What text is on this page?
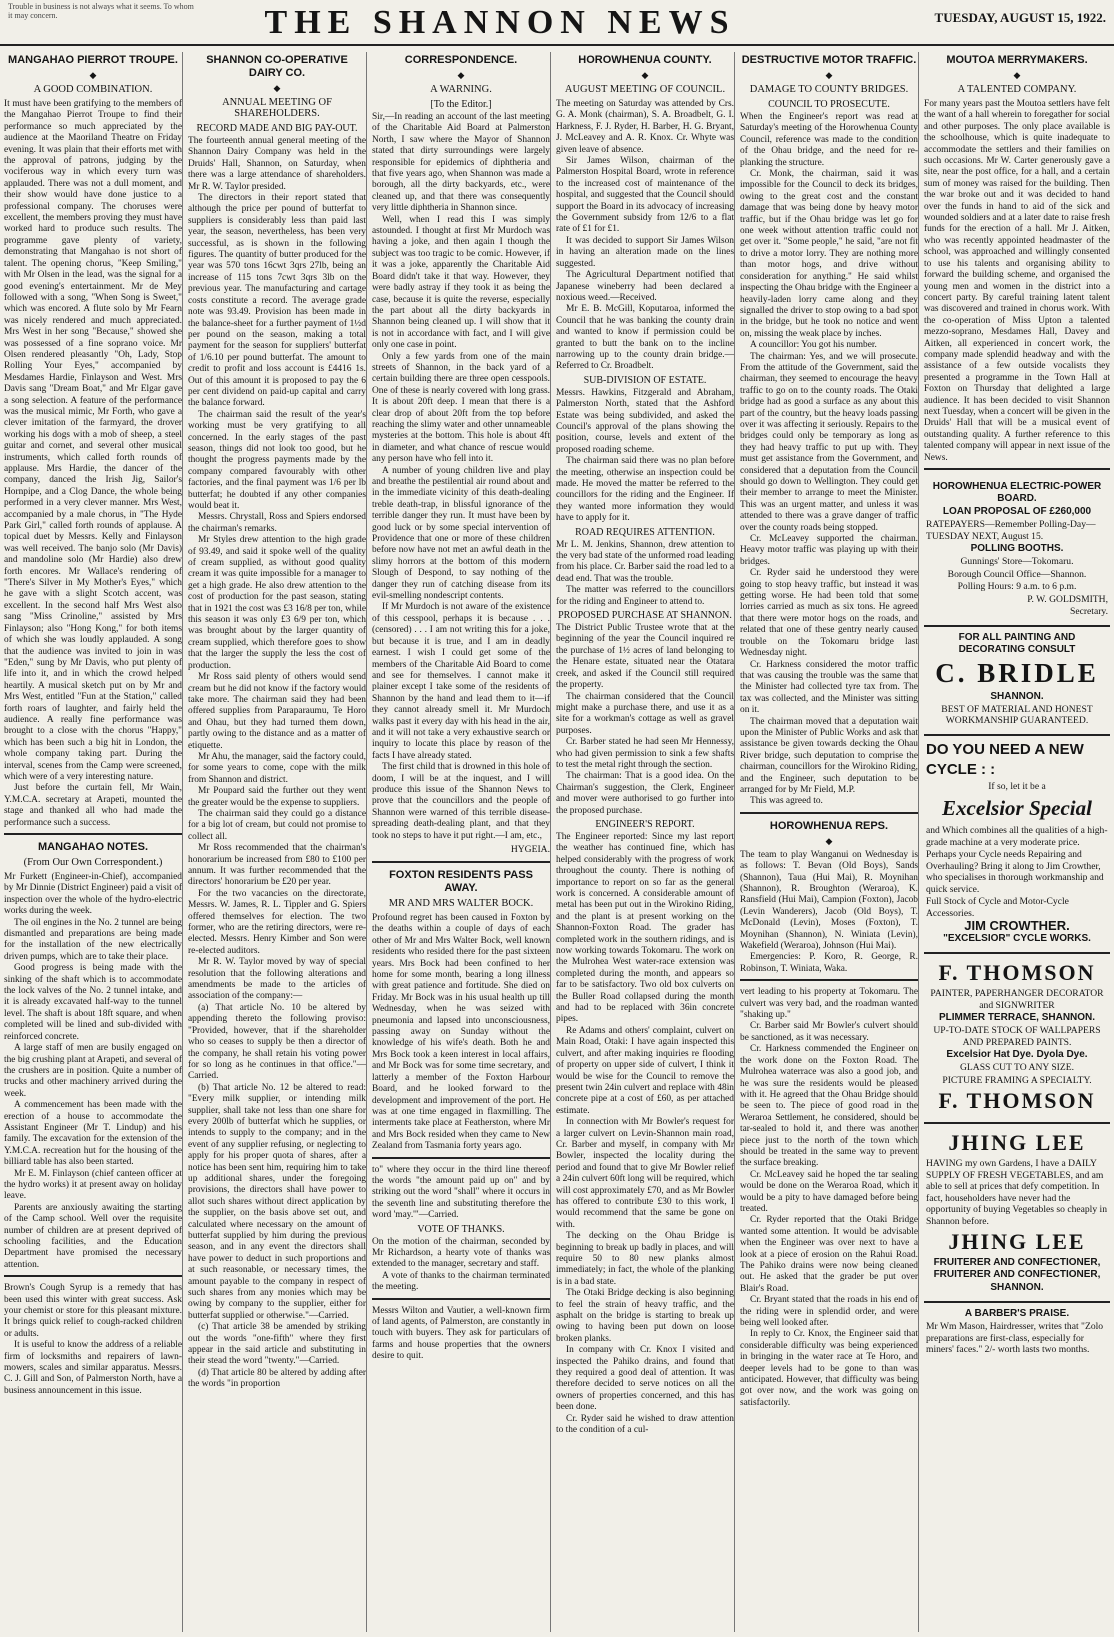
Trouble in business is not always what it seems. To whom it may concern.	THE SHANNON NEWS	TUESDAY, AUGUST 15, 1922.
MANGAHAO PIERROT TROUPE.
◆
A GOOD COMBINATION.

It must have been gratifying to the members of the Mangahao Pierrot Troupe to find their performance so much appreciated by the audience at the Maoriland Theatre on Friday evening. It was plain that their efforts met with the approval of patrons, judging by the vociferous way in which every turn was applauded. There was not a dull moment, and their show would have done justice to a professional company. The choruses were excellent, the members proving they must have worked hard to produce such results. The programme gave plenty of variety, demonstrating that Mangahao is not short of talent. The opening chorus, "Keep Smiling," with Mr Olsen in the lead, was the signal for a good evening's entertainment. Mr de Mey followed with a song, "When Song is Sweet," which was encored. A flute solo by Mr Fearn was nicely rendered and much appreciated. Mrs West in her song "Because," showed she was possessed of a fine soprano voice. Mr Olsen rendered pleasantly "Oh, Lady, Stop Rolling Your Eyes," accompanied by Mesdames Hardie, Finlayson and West. Mrs Davis sang "Dream Boat," and Mr Elgar gave a song selection. A feature of the performance was the musical mimic, Mr Forth, who gave a clever imitation of the farmyard, the drover working his dogs with a mob of sheep, a steel guitar and cornet, and several other musical instruments, which called forth rounds of applause. Mrs Hardie, the dancer of the company, danced the Irish Jig, Sailor's Hornpipe, and a Clog Dance, the whole being performed in a very clever manner. Mrs West, accompanied by a male chorus, in "The Hyde Park Girl," called forth rounds of applause. A topical duet by Messrs. Kelly and Finlayson was well received. The banjo solo (Mr Davis) and mandoline solo (Mr Hardie) also drew forth encores. Mr Wallace's rendering of "There's Silver in My Mother's Eyes," which he gave with a slight Scotch accent, was excellent. In the second half Mrs West also sang "Miss Crinoline," assisted by Mrs Finlayson; also "Hong Kong," for both items of which she was loudly applauded. A song that the audience was invited to join in was "Eden," sung by Mr Davis, who put plenty of life into it, and in which the crowd helped heartily. A musical sketch put on by Mr and Mrs West, entitled "Fun at the Station," called forth roars of laughter, and fairly held the audience. A really fine performance was brought to a close with the chorus "Happy," which has been such a big hit in London, the whole company taking part. During the interval, scenes from the Camp were screened, which were of a very interesting nature.

Just before the curtain fell, Mr Wain, Y.M.C.A. secretary at Arapeti, mounted the stage and thanked all who had made the performance such a success.

MANGAHAO NOTES.
(From Our Own Correspondent.)

Mr Furkett (Engineer-in-Chief), accompanied by Mr Dinnie (District Engineer) paid a visit of inspection over the whole of the hydro-electric works during the week.

The oil engines in the No. 2 tunnel are being dismantled and preparations are being made for the installation of the new electrically driven pumps, which are to take their place.

Good progress is being made with the sinking of the shaft which is to accommodate the lock valves of the No. 2 tunnel intake, and it is already excavated half-way to the tunnel level. The shaft is about 18ft square, and when completed will be lined and sub-divided with reinforced concrete.

A large staff of men are busily engaged on the big crushing plant at Arapeti, and several of the crushers are in position. Quite a number of trucks and other machinery arrived during the week.

A commencement has been made with the erection of a house to accommodate the Assistant Engineer (Mr T. Lindup) and his family. The excavation for the extension of the Y.M.C.A. recreation hut for the housing of the billiard table has also been started.

Mr E. M. Finlayson (chief canteen officer at the hydro works) it at present away on holiday leave.

Parents are anxiously awaiting the starting of the Camp school. Well over the requisite number of children are at present deprived of schooling facilities, and the Education Department have promised the necessary attention.

Brown's Cough Syrup is a remedy that has been used this winter with great success. Ask your chemist or store for this pleasant mixture. It brings quick relief to cough-racked children or adults.

It is useful to know the address of a reliable firm of locksmiths and repairers of lawn-mowers, scales and similar apparatus. Messrs. C. J. Gill and Son, of Palmerston North, have a business announcement in this issue.

SHANNON CO-OPERATIVE DAIRY CO.
◆
ANNUAL MEETING OF SHAREHOLDERS.
RECORD MADE AND BIG PAY-OUT.

The fourteenth annual general meeting of the Shannon Dairy Company was held in the Druids' Hall, Shannon, on Saturday, when there was a large attendance of shareholders. Mr R. W. Taylor presided.

The directors in their report stated that although the price per pound of butterfat to suppliers is considerably less than paid last year, the season, nevertheless, has been very successful, as is shown in the following figures. The quantity of butter produced for the year was 570 tons 16cwt 3qrs 27lb, being an increase of 115 tons 7cwt 3qrs 3lb on the previous year. The manufacturing and cartage costs constitute a record. The average grade note was 93.49. Provision has been made in the balance-sheet for a further payment of 1½d per pound on the season, making a total payment for the season for suppliers' butterfat of 1/6.10 per pound butterfat. The amount to credit to profit and loss account is £4416 1s. Out of this amount it is proposed to pay the 6 per cent dividend on paid-up capital and carry the balance forward.

The chairman said the result of the year's working must be very gratifying to all concerned. In the early stages of the past season, things did not look too good, but he thought the progress payments made by the company compared favourably with other factories, and the final payment was 1/6 per lb butterfat; he doubted if any other companies would beat it.

Messrs. Chrystall, Ross and Spiers endorsed the chairman's remarks.

Mr Styles drew attention to the high grade of 93.49, and said it spoke well of the quality of cream supplied, as without good quality cream it was quite impossible for a manager to get a high grade. He also drew attention to the cost of production for the past season, stating that in 1921 the cost was £3 16/8 per ton, while this season it was only £3 6/9 per ton, which was brought about by the larger quantity of cream supplied, which therefore goes to show that the larger the supply the less the cost of production.

Mr Ross said plenty of others would send cream but he did not know if the factory would take more. The chairman said they had been offered supplies from Paraparaumu, Te Horo and Ohau, but they had turned them down, partly owing to the distance and as a matter of etiquette.

Mr Ahu, the manager, said the factory could, for some years to come, cope with the milk from Shannon and district.

Mr Poupard said the further out they went the greater would be the expense to suppliers.

The chairman said they could go a distance for a big lot of cream, but could not promise to collect all.

Mr Ross recommended that the chairman's honorarium be increased from £80 to £100 per annum. It was further recommended that the directors' honorarium be £20 per year.

For the two vacancies on the directorate, Messrs. W. James, R. L. Tippler and G. Spiers offered themselves for election. The two former, who are the retiring directors, were re-elected. Messrs. Henry Kimber and Son were re-elected auditors.

Mr R. W. Taylor moved by way of special resolution that the following alterations and amendments be made to the articles of association of the company:—

(a) That article No. 10 be altered by appending thereto the following proviso: "Provided, however, that if the shareholder who so ceases to supply be then a director of the company, he shall retain his voting power for so long as he continues in that office."—Carried.

(b) That article No. 12 be altered to read: "Every milk supplier, or intending milk supplier, shall take not less than one share for every 200lb of butterfat which he supplies, or intends to supply to the company; and in the event of any supplier refusing, or neglecting to apply for his proper quota of shares, after a notice has been sent him, requiring him to take up additional shares, under the foregoing provisions, the directors shall have power to allot such shares without direct application by the supplier, on the basis above set out, and calculated where necessary on the amount of butterfat supplied by him during the previous season, and in any event the directors shall have power to deduct in such proportions and at such reasonable, or necessary times, the amount payable to the company in respect of such shares from any monies which may be owing by company to the supplier, either for butterfat supplied or otherwise."—Carried.

(c) That article 38 be amended by striking out the words "one-fifth" where they first appear in the said article and substituting in their stead the word "twenty."—Carried.

(d) That article 80 be altered by adding after the words "in proportion

CORRESPONDENCE.
◆
A WARNING.
[To the Editor.]

Sir,—In reading an account of the last meeting of the Charitable Aid Board at Palmerston North, I saw where the Mayor of Shannon stated that dirty surroundings were largely responsible for epidemics of diphtheria and that five years ago, when Shannon was made a borough, all the dirty backyards, etc., were cleaned up, and that there was consequently very little diphtheria in Shannon since.

Well, when I read this I was simply astounded. I thought at first Mr Murdoch was having a joke, and then again I though the subject was too tragic to be comic. However, if it was a joke, apparently the Charitable Aid Board didn't take it that way. However, they were badly astray if they took it as being the case, because it is quite the reverse, especially the part about all the dirty backyards in Shannon being cleaned up. I will show that it is not in accordance with fact, and I will give only one case in point.

Only a few yards from one of the main streets of Shannon, in the back yard of a certain building there are three open cesspools. One of these is nearly covered with long grass. It is about 20ft deep. I mean that there is a clear drop of about 20ft from the top before reaching the slimy water and other unnameable mysteries at the bottom. This hole is about 4ft in diameter, and what chance of rescue would any person have who fell into it.

A number of young children live and play and breathe the pestilential air round about and in the immediate vicinity of this death-dealing treble death-trap, in blissful ignorance of the terrible danger they run. It must have been by good luck or by some special intervention of Providence that one or more of these children before now have not met an awful death in the slimy horrors at the bottom of this modern Slough of Despond, to say nothing of the danger they run of catching disease from its evil-smelling nondescript contents.

If Mr Murdoch is not aware of the existence of this cesspool, perhaps it is because . . . (censored) . . . I am not writing this for a joke, but because it is true, and I am in deadly earnest. I wish I could get some of the members of the Charitable Aid Board to come and see for themselves. I cannot make it plainer except I take some of the residents of Shannon by the hand and lead them to it—if they cannot already smell it. Mr Murdoch walks past it every day with his head in the air, and it will not take a very exhaustive search or inquiry to locate this place by reason of the facts I have already stated.

The first child that is drowned in this hole of doom, I will be at the inquest, and I will produce this issue of the Shannon News to prove that the councillors and the people of Shannon were warned of this terrible disease-spreading death-dealing plant, and that they took no steps to have it put right.—I am, etc.,

HYGEIA.
FOXTON RESIDENTS PASS AWAY.
MR AND MRS WALTER BOCK.

Profound regret has been caused in Foxton by the deaths within a couple of days of each other of Mr and Mrs Walter Bock, well known residents who resided there for the past sixteen years. Mrs Bock had been confined to her home for some month, bearing a long illness with great patience and fortitude. She died on Friday. Mr Bock was in his usual health up till Wednesday, when he was seized with pneumonia and lapsed into unconsciousness, passing away on Sunday without the knowledge of his wife's death. Both he and Mrs Bock took a keen interest in local affairs, and Mr Bock was for some time secretary, and latterly a member of the Foxton Harbour Board, and he looked forward to the development and improvement of the port. He was at one time engaged in flaxmilling. The interments take place at Featherston, where Mr and Mrs Bock resided when they came to New Zealand from Tasmania forty years ago.

to" where they occur in the third line thereof the words "the amount paid up on" and by striking out the word "shall" where it occurs in the seventh line and substituting therefore the word 'may.'"—Carried.

VOTE OF THANKS.

On the motion of the chairman, seconded by Mr Richardson, a hearty vote of thanks was extended to the manager, secretary and staff.

A vote of thanks to the chairman terminated the meeting.

Messrs Wilton and Vautier, a well-known firm of land agents, of Palmerston, are constantly in touch with buyers. They ask for particulars of farms and house properties that the owners desire to quit.

HOROWHENUA COUNTY.
◆
AUGUST MEETING OF COUNCIL.

The meeting on Saturday was attended by Crs. G. A. Monk (chairman), S. A. Broadbelt, G. I. Harkness, F. J. Ryder, H. Barber, H. G. Bryant, J. McLeavey and A. R. Knox. Cr. Whyte was given leave of absence.

Sir James Wilson, chairman of the Palmerston Hospital Board, wrote in reference to the increased cost of maintenance of the hospital, and suggested that the Council should support the Board in its advocacy of increasing the Government subsidy from 12/6 to a flat rate of £1 for £1.

It was decided to support Sir James Wilson in having an alteration made on the lines suggested.

The Agricultural Department notified that Japanese wineberry had been declared a noxious weed.—Received.

Mr E. B. McGill, Koputaroa, informed the Council that he was banking the county drain and wanted to know if permission could be granted to butt the bank on to the incline narrowing up to the county drain bridge.—Referred to Cr. Broadbelt.

SUB-DIVISION OF ESTATE.

Messrs. Hawkins, Fitzgerald and Abraham, Palmerston North, stated that the Ashford Estate was being subdivided, and asked the Council's approval of the plans showing the position, course, levels and extent of the proposed roading scheme.

The chairman said there was no plan before the meeting, otherwise an inspection could be made. He moved the matter be referred to the councillors for the riding and the Engineer. If they wanted more information they would have to apply for it.

ROAD REQUIRES ATTENTION.

Mr L. M. Jenkins, Shannon, drew attention to the very bad state of the unformed road leading from his place. Cr. Barber said the road led to a dead end. That was the trouble.

The matter was referred to the councillors for the riding and Engineer to attend to.

PROPOSED PURCHASE AT SHANNON.

The District Public Trustee wrote that at the beginning of the year the Council inquired re the purchase of 1½ acres of land belonging to the Henare estate, situated near the Otatara creek, and asked if the Council still required the property.

The chairman considered that the Council might make a purchase there, and use it as a site for a workman's cottage as well as gravel purposes.

Cr. Barber stated he had seen Mr Hennessy, who had given permission to sink a few shafts to test the metal right through the section.

The chairman: That is a good idea. On the Chairman's suggestion, the Clerk, Engineer and mover were authorised to go further into the proposed purchase.

ENGINEER'S REPORT.

The Engineer reported: Since my last report the weather has continued fine, which has helped considerably with the progress of work throughout the county. There is nothing of importance to report on so far as the general work is concerned. A considerable amount of metal has been put out in the Wirokino Riding, and the plant is at present working on the Shannon-Foxton Road. The grader has completed work in the southern ridings, and is now working towards Tokomaru. The work on the Mulrohea West water-race extension was completed during the month, and appears so far to be satisfactory. Two old box culverts on the Buller Road collapsed during the month and had to be replaced with 36in concrete pipes.

Re Adams and others' complaint, culvert on Main Road, Otaki: I have again inspected this culvert, and after making inquiries re flooding of property on upper side of culvert, I think it would be wise for the Council to remove the present twin 24in culvert and replace with 48in concrete pipe at a cost of £60, as per attached estimate.

In connection with Mr Bowler's request for a larger culvert on Levin-Shannon main road, Cr. Barber and myself, in company with Mr Bowler, inspected the locality during the period and found that to give Mr Bowler relief a 24in culvert 60ft long will be required, which will cost approximately £70, and as Mr Bowler has offered to contribute £30 to this work, I would recommend that the same be gone on with.

The decking on the Ohau Bridge is beginning to break up badly in places, and will require 50 to 80 new planks almost immediately; in fact, the whole of the planking is in a bad state.

The Otaki Bridge decking is also beginning to feel the strain of heavy traffic, and the asphalt on the bridge is starting to break up owing to having been put down on loose broken planks.

In company with Cr. Knox I visited and inspected the Pahiko drains, and found that they required a good deal of attention. It was therefore decided to serve notices on all the owners of properties concerned, and this has been done.

Cr. Ryder said he wished to draw attention to the condition of a cul-

DESTRUCTIVE MOTOR TRAFFIC.
◆
DAMAGE TO COUNTY BRIDGES.
COUNCIL TO PROSECUTE.

When the Engineer's report was read at Saturday's meeting of the Horowhenua County Council, reference was made to the condition of the Ohau bridge, and the need for re-planking the structure.

Cr. Monk, the chairman, said it was impossible for the Council to deck its bridges, owing to the great cost and the constant damage that was being done by heavy motor traffic, but if the Ohau bridge was let go for one week without attention traffic could not get over it. "Some people," he said, "are not fit to drive a motor lorry. They are nothing more than motor hogs, and drive without consideration for anything." He said whilst inspecting the Ohau bridge with the Engineer a heavily-laden lorry came along and they signalled the driver to stop owing to a bad spot in the bridge, but he took no notice and went on, missing the weak place by inches.

A councillor: You got his number.

The chairman: Yes, and we will prosecute. From the attitude of the Government, said the chairman, they seemed to encourage the heavy traffic to go on to the county roads. The Otaki bridge had as good a surface as any about this part of the country, but the heavy loads passing over it was affecting it seriously. Repairs to the bridges could only be temporary as long as they had heavy traffic to put up with. They must get assistance from the Government, and considered that a deputation from the Council should go down to Wellington. They could get their member to arrange to meet the Minister. This was an urgent matter, and unless it was attended to there was a grave danger of traffic over the county roads being stopped.

Cr. McLeavey supported the chairman. Heavy motor traffic was playing up with their bridges.

Cr. Ryder said he understood they were going to stop heavy traffic, but instead it was getting worse. He had been told that some lorries carried as much as six tons. He agreed that there were motor hogs on the roads, and related that one of these gentry nearly caused trouble on the Tokomaru bridge last Wednesday night.

Cr. Harkness considered the motor traffic that was causing the trouble was the same that the Minister had collected tyre tax from. The tax was collected, and the Minister was sitting on it.

The chairman moved that a deputation wait upon the Minister of Public Works and ask that assistance be given towards decking the Ohau River bridge, such deputation to comprise the chairman, councillors for the Wirokino Riding, and the Engineer, such deputation to be arranged for by Mr Field, M.P.

This was agreed to.

HOROWHENUA REPS.
◆

The team to play Wanganui on Wednesday is as follows: T. Bevan (Old Boys), Sands (Shannon), Taua (Hui Mai), R. Moynihan (Shannon), R. Broughton (Weraroa), K. Ransfield (Hui Mai), Campion (Foxton), Jacob (Levin Wanderers), Jacob (Old Boys), T. McDonald (Levin), Moses (Foxton), T. Moynihan (Shannon), N. Winiata (Levin), Wakefield (Weraroa), Johnson (Hui Mai).

Emergencies: P. Koro, R. George, R. Robinson, T. Winiata, Waka.

vert leading to his property at Tokomaru. The culvert was very bad, and the roadman wanted "shaking up."

Cr. Barber said Mr Bowler's culvert should be sanctioned, as it was necessary.

Cr. Harkness commended the Engineer on the work done on the Foxton Road. The Mulrohea waterrace was also a good job, and he was sure the residents would be pleased with it. He agreed that the Ohau Bridge should be seen to. The piece of good road in the Weraroa Settlement, he considered, should be tar-sealed to hold it, and there was another piece just to the north of the town which should be treated in the same way to prevent the surface breaking.

Cr. McLeavey said he hoped the tar sealing would be done on the Weraroa Road, which it would be a pity to have damaged before being treated.

Cr. Ryder reported that the Otaki Bridge wanted some attention. It would be advisable when the Engineer was over next to have a look at a piece of erosion on the Rahui Road. The Pahiko drains were now being cleaned out. He asked that the grader be put over Blair's Road.

Cr. Bryant stated that the roads in his end of the riding were in splendid order, and were being well looked after.

In reply to Cr. Knox, the Engineer said that considerable difficulty was being experienced in bringing in the water race at Te Horo, and deeper levels had to be gone to than was anticipated. However, that difficulty was being got over now, and the work was going on satisfactorily.

MOUTOA MERRYMAKERS.
◆
A TALENTED COMPANY.

For many years past the Moutoa settlers have felt the want of a hall wherein to foregather for social and other purposes. The only place available is the schoolhouse, which is quite inadequate to accommodate the settlers and their families on such occasions. Mr W. Carter generously gave a site, near the post office, for a hall, and a certain sum of money was raised for the building. Then the war broke out and it was decided to hand over the funds in hand to aid of the sick and wounded soldiers and at a later date to raise fresh funds for the erection of a hall. Mr J. Aitken, who was recently appointed headmaster of the school, was approached and willingly consented to use his talents and organising ability to forward the building scheme, and organised the young men and women in the district into a concert party. By careful training latent talent was discovered and trained in chorus work. With the co-operation of Miss Upton a talented mezzo-soprano, Mesdames Hall, Davey and Aitken, all experienced in concert work, the company made splendid headway and with the assistance of a few outside vocalists they presented a programme in the Town Hall at Foxton on Thursday that delighted a large audience. It has been decided to visit Shannon next Tuesday, when a concert will be given in the Druids' Hall that will be a musical event of outstanding quality. A further reference to this talented company will appear in next issue of the News.

HOROWHENUA ELECTRIC-POWER BOARD.
LOAN PROPOSAL OF £260,000
RATEPAYERS—Remember Polling-Day—TUESDAY NEXT, August 15.
POLLING BOOTHS.
Gunnings' Store—Tokomaru.
Borough Council Office—Shannon.
Polling Hours: 9 a.m. to 6 p.m.
P. W. GOLDSMITH,
Secretary.
FOR ALL PAINTING AND DECORATING CONSULT
C. BRIDLE
SHANNON.
BEST OF MATERIAL AND HONEST WORKMANSHIP GUARANTEED.
DO YOU NEED A NEW CYCLE : :
If so, let it be a
Excelsior Special
and Which combines all the qualities of a high-grade machine at a very moderate price.
Perhaps your Cycle needs Repairing and Overhauling? Bring it along to Jim Crowther, who specialises in thorough workmanship and quick service.
Full Stock of Cycle and Motor-Cycle Accessories.
JIM CROWTHER.
"EXCELSIOR" CYCLE WORKS.
F. THOMSON
PAINTER, PAPERHANGER DECORATOR and SIGNWRITER
PLIMMER TERRACE, SHANNON.
UP-TO-DATE STOCK OF WALLPAPERS AND PREPARED PAINTS.
Excelsior Hat Dye. Dyola Dye.
GLASS CUT TO ANY SIZE.
PICTURE FRAMING A SPECIALTY.
F. THOMSON
JHING LEE
HAVING my own Gardens, I have a DAILY SUPPLY OF FRESH VEGETABLES, and am able to sell at prices that defy competition. In fact, householders have never had the opportunity of buying Vegetables so cheaply in Shannon before.
JHING LEE
FRUITERER AND CONFECTIONER, FRUITERER AND CONFECTIONER,
SHANNON.
A BARBER'S PRAISE.
Mr Wm Mason, Hairdresser, writes that "Zolo preparations are first-class, especially for miners' faces." 2/- worth lasts two months.
